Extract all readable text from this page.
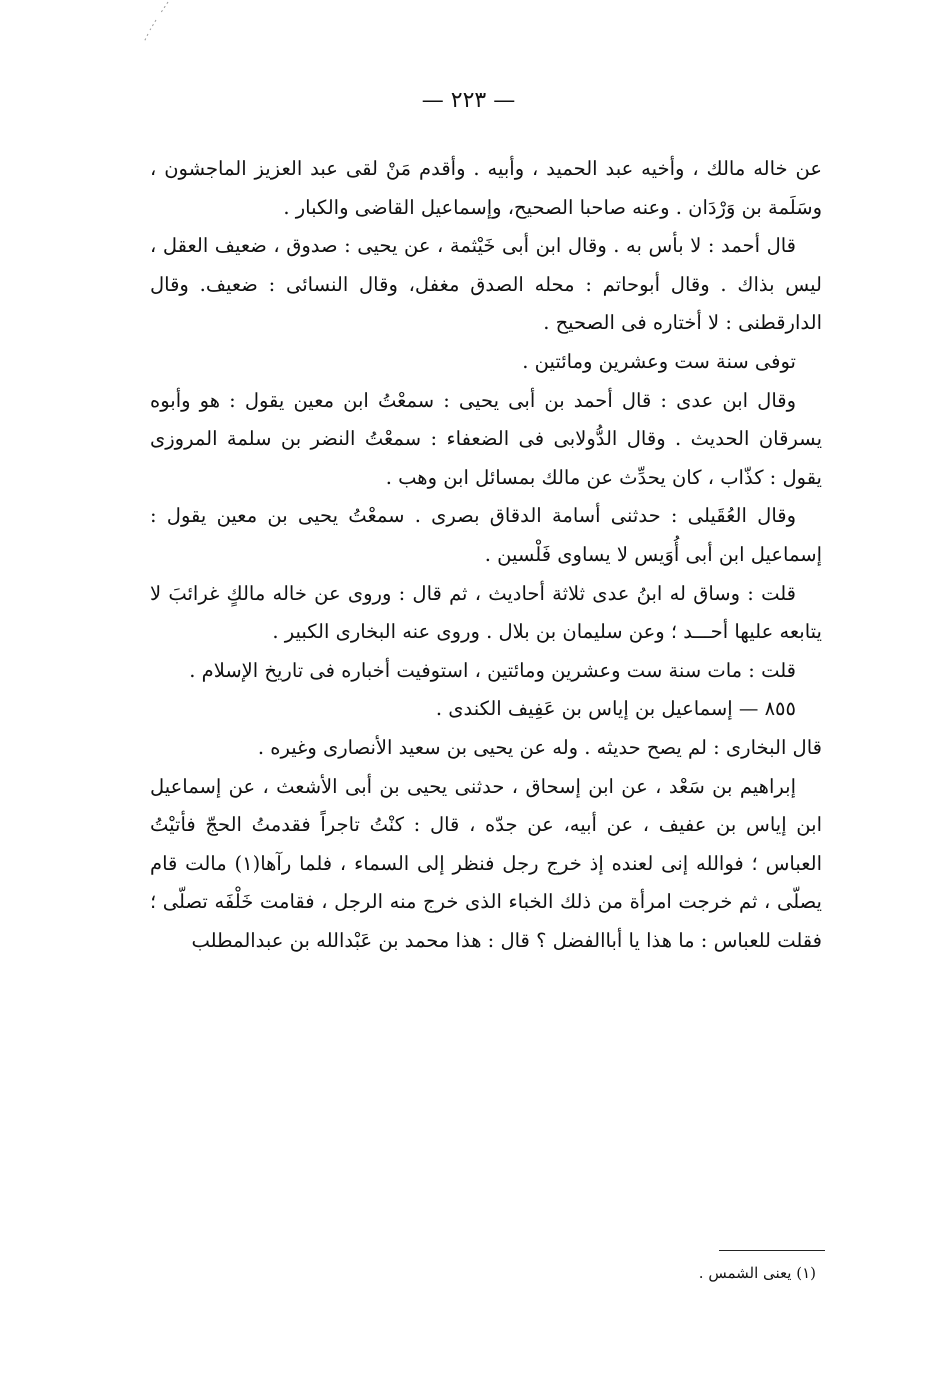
— ٢٢٣ —

عن خاله مالك ، وأخيه عبد الحميد ، وأبيه . وأقدم مَنْ لقى عبد العزيز الماجشون ، وسَلَمة بن وَرْدَان . وعنه صاحبا الصحيح، وإسماعيل القاضى والكبار .

قال أحمد : لا بأس به . وقال ابن أبى خَيْثمة ، عن يحيى : صدوق ، ضعيف العقل ، ليس بذاك . وقال أبوحاتم : محله الصدق مغفل، وقال النسائى : ضعيف. وقال الدارقطنى : لا أختاره فى الصحيح .

توفى سنة ست وعشرين ومائتين .

وقال ابن عدى : قال أحمد بن أبى يحيى : سمعْتُ ابن معين يقول : هو وأبوه يسرقان الحديث . وقال الدُّولابى فى الضعفاء : سمعْتُ النضر بن سلمة المروزى يقول : كذّاب ، كان يحدِّث عن مالك بمسائل ابن وهب .

وقال العُقَيلى : حدثنى أسامة الدقاق بصرى . سمعْتُ يحيى بن معين يقول : إسماعيل ابن أبى أُوَيس لا يساوى فَلْسين .

قلت : وساق له ابنُ عدى ثلاثة أحاديث ، ثم قال : وروى عن خاله مالكٍ غرائبَ لا يتابعه عليها أحـــد ؛ وعن سليمان بن بلال . وروى عنه البخارى الكبير .

قلت : مات سنة ست وعشرين ومائتين ، استوفيت أخباره فى تاريخ الإسلام .

٨٥٥ — إسماعيل بن إياس بن عَفِيف الكندى .

قال البخارى : لم يصح حديثه . وله عن يحيى بن سعيد الأنصارى وغيره .

إبراهيم بن سَعْد ، عن ابن إسحاق ، حدثنى يحيى بن أبى الأشعث ، عن إسماعيل ابن إياس بن عفيف ، عن أبيه، عن جدّه ، قال : كنْتُ تاجراً فقدمتُ الحجّ فأتيْتُ العباس ؛ فوالله إنى لعنده إذ خرج رجل فنظر إلى السماء ، فلما رآها(١) مالت قام يصلّى ، ثم خرجت امرأة من ذلك الخباء الذى خرج منه الرجل ، فقامت خَلْفَه تصلّى ؛ فقلت للعباس : ما هذا يا أباالفضل ؟ قال : هذا محمد بن عَبْدالله بن عبدالمطلب

(١) يعنى الشمس .
